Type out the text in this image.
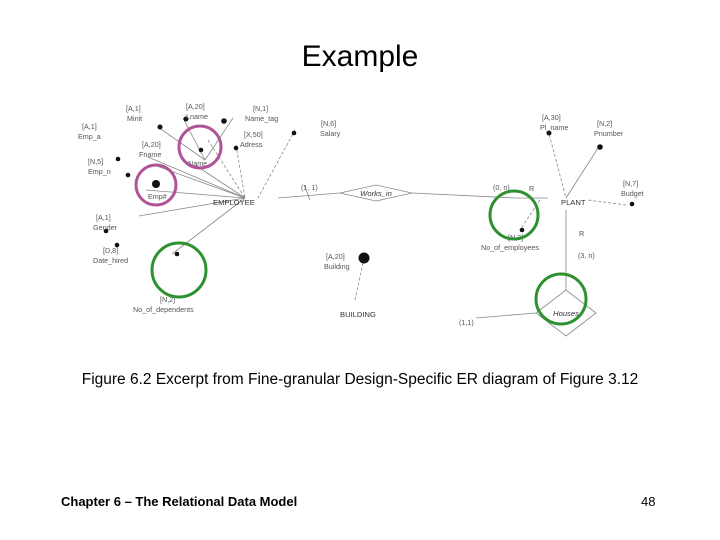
Example
Works_in
Houses
EMPLOYEE	PLANT
BUILDING
[A,1]
Minit
[A,20]
Lname
[N,1]
Name_tag
[N,6]
Salary
[A,1]
Emp_a
[A,20]
Fname
[X,50]
Adress
Name
[N,5]
Emp_n
Emp#
[A,1]
Gender
[D,8]
Date_hired
[N,2]
No_of_dependents
[A,20]
Building
[A,30]
Pl_name	[N,2]
Pnumber
[N,7]
Budget
[N,3]
No_of_employees
(1, 1)	(0, n)	R
R
(3, n)
(1,1)
Figure 6.2 Excerpt from Fine-granular Design-Specific ER diagram of Figure 3.12
Chapter 6 – The Relational Data Model	48
